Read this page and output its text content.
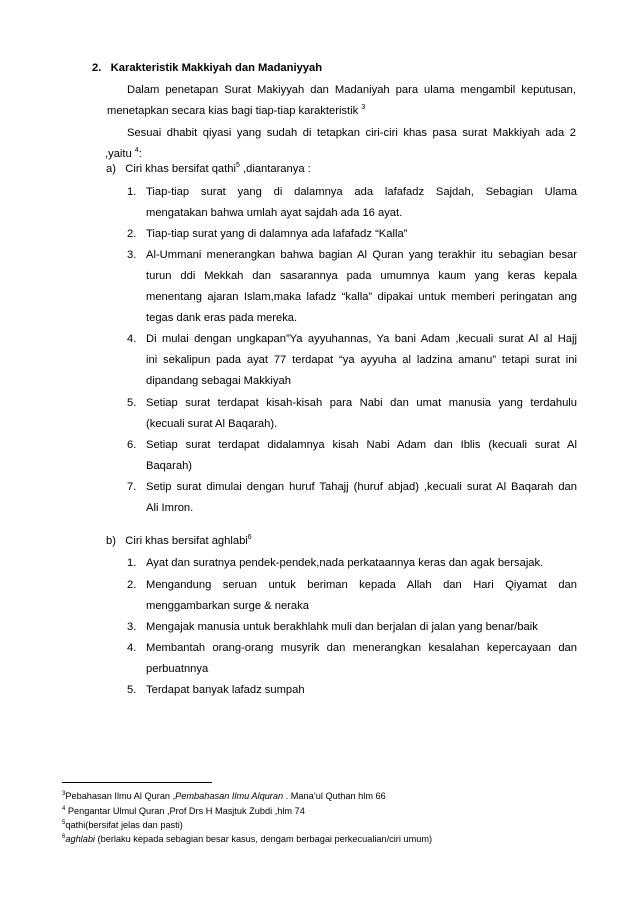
2. Karakteristik Makkiyah dan Madaniyyah
Dalam penetapan Surat Makiyyah dan Madaniyah para ulama mengambil keputusan,
menetapkan secara kias bagi tiap-tiap karakteristik $^3$
Sesuai dhabit qiyasi yang sudah di tetapkan ciri-ciri khas pasa surat Makkiyah ada 2
,yaitu $^4$:
a) Ciri khas bersifat qathi$^5$ ,diantaranya :
1. Tiap-tiap surat yang di dalamnya ada lafafadz Sajdah, Sebagian Ulama
mengatakan bahwa umlah ayat sajdah ada 16 ayat.
2. Tiap-tiap surat yang di dalamnya ada lafafadz “Kalla”
3. Al-Ummani menerangkan bahwa bagian Al Quran yang terakhir itu sebagian besar
turun ddi Mekkah dan sasarannya pada umumnya kaum yang keras kepala
menentang ajaran Islam,maka lafadz “kalla” dipakai untuk memberi peringatan ang
tegas dank eras pada mereka.
4. Di mulai dengan ungkapan”Ya ayyuhannas, Ya bani Adam ,kecuali surat Al al Hajj
ini sekalipun pada ayat 77 terdapat “ya ayyuha al ladzina amanu” tetapi surat ini
dipandang sebagai Makkiyah
5. Setiap surat terdapat kisah-kisah para Nabi dan umat manusia yang terdahulu
(kecuali surat Al Baqarah).
6. Setiap surat terdapat didalamnya kisah Nabi Adam dan Iblis (kecuali surat Al
Baqarah)
7. Setip surat dimulai dengan huruf Tahajj (huruf abjad) ,kecuali surat Al Baqarah dan
Ali Imron.
b) Ciri khas bersifat aghlabi$^6$
1. Ayat dan suratnya pendek-pendek,nada perkataannya keras dan agak bersajak.
2. Mengandung seruan untuk beriman kepada Allah dan Hari Qiyamat dan
menggambarkan surge & neraka
3. Mengajak manusia untuk berakhlahk muli dan berjalan di jalan yang benar/baik
4. Membantah orang-orang musyrik dan menerangkan kesalahan kepercayaan dan
perbuatnnya
5. Terdapat banyak lafadz sumpah
$^3$Pebahasan Ilmu Al Quran ,Pembahasan Ilmu Alquran . Mana’ul Quthan hlm 66
$^4$ Pengantar Ulmul Quran ,Prof Drs H Masjtuk Zubdi ,hlm 74
$^5$qathi(bersifat jelas dan pasti)
$^6$aghlabi (berlaku kepada sebagian besar kasus, dengam berbagai perkecualian/ciri umum)
